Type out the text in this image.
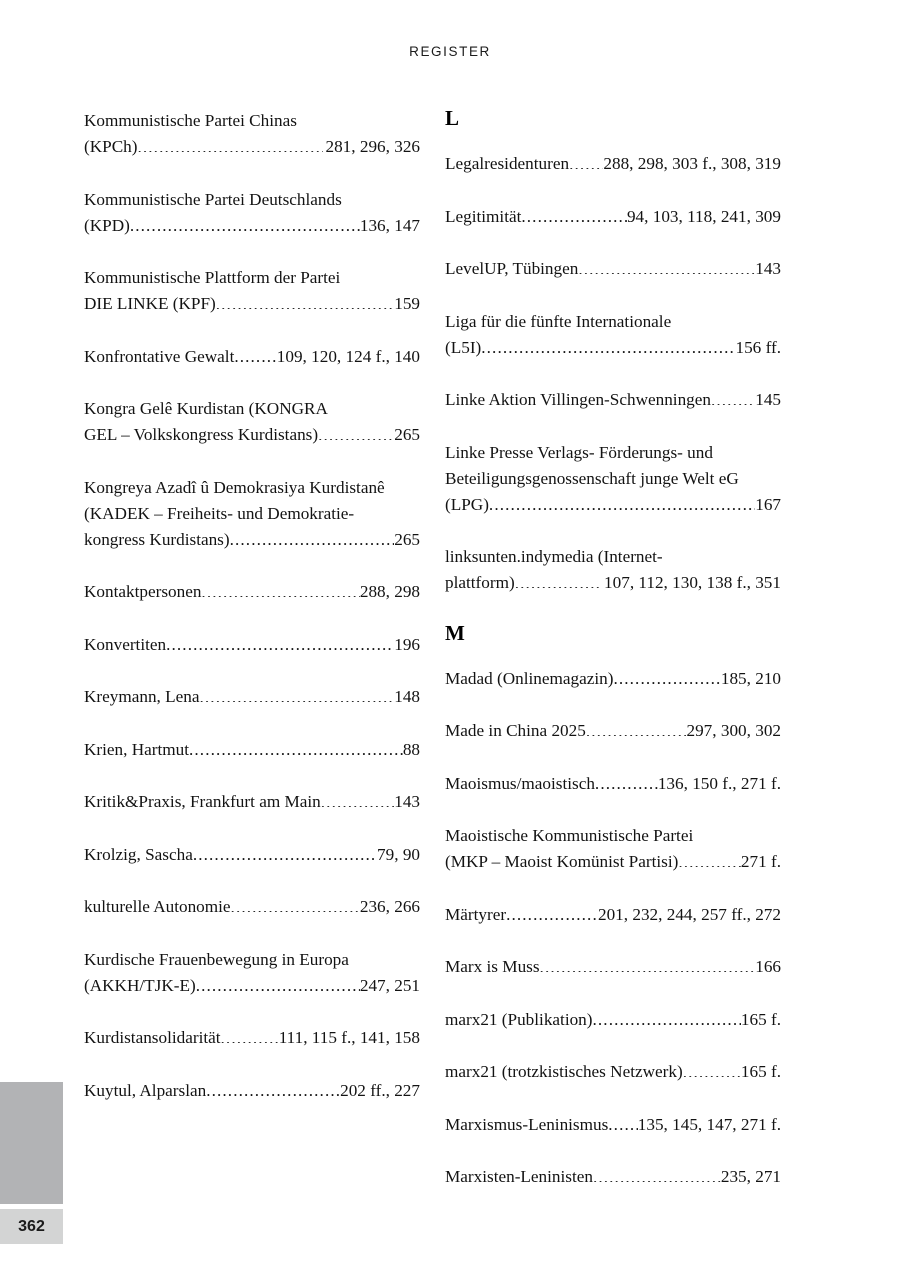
REGISTER
362
Kommunistische Partei Chinas
(KPCh) .....	281, 296, 326
Kommunistische Partei Deutschlands
(KPD) .....	136, 147
Kommunistische Plattform der Partei
DIE LINKE (KPF) .....	159
Konfrontative Gewalt ..... 109, 120, 124 f., 140
Kongra Gelê Kurdistan (KONGRA
GEL – Volkskongress Kurdistans) .....	265
Kongreya Azadî û Demokrasiya Kurdistanê
(KADEK – Freiheits- und Demokratie-
kongress Kurdistans) .....	265
Kontaktpersonen .....	288, 298
Konvertiten .....	196
Kreymann, Lena .....	148
Krien, Hartmut .....	88
Kritik&Praxis, Frankfurt am Main .....	143
Krolzig, Sascha .....	79, 90
kulturelle Autonomie .....	236, 266
Kurdische Frauenbewegung in Europa
(AKKH/TJK-E) .....	247, 251
Kurdistansolidarität .....	111, 115 f., 141, 158
Kuytul, Alparslan .....	202 ff., 227
L
Legalresidenturen ..... 288, 298, 303 f., 308, 319
Legitimität .....	94, 103, 118, 241, 309
LevelUP, Tübingen .....	143
Liga für die fünfte Internationale
(L5I) .....	156 ff.
Linke Aktion Villingen-Schwenningen .....	145
Linke Presse Verlags- Förderungs- und
Beteiligungsgenossenschaft junge Welt eG
(LPG) .....	167
linksunten.indymedia (Internet-
plattform) .....	107, 112, 130, 138 f., 351
M
Madad (Onlinemagazin) .....	185, 210
Made in China 2025 .....	297, 300, 302
Maoismus/maoistisch .....	136, 150 f., 271 f.
Maoistische Kommunistische Partei
(MKP – Maoist Komünist Partisi) .....	271 f.
Märtyrer .....	201, 232, 244, 257 ff., 272
Marx is Muss .....	166
marx21 (Publikation) .....	165 f.
marx21 (trotzkistisches Netzwerk) .....	165 f.
Marxismus-Leninismus ..... 135, 145, 147, 271 f.
Marxisten-Leninisten .....	235, 271
